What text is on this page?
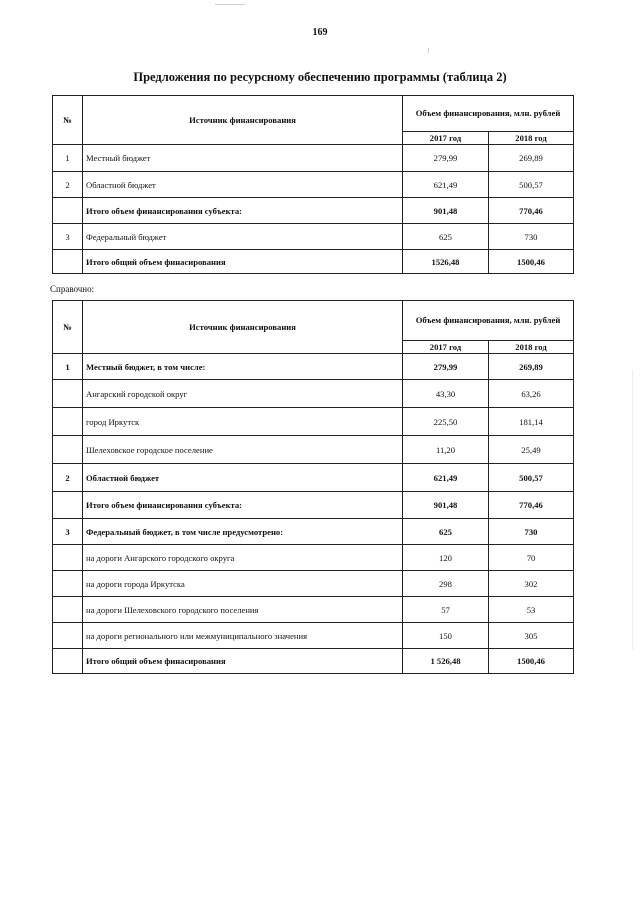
169
Предложения по ресурсному обеспечению программы (таблица 2)
№	Источник финансирования	Объем финансирования, млн. рублей	
		2017 год	2018 год
1	Местный бюджет	279,99	269,89
2	Областной бюджет	621,49	500,57
	Итого объем финансирования субъекта:	901,48	770,46
3	Федеральный бюджет	625	730
	Итого общий объем финасирования	1526,48	1500,46
Справочно:
№	Источник финансирования	Объем финансирования, млн. рублей	
		2017 год	2018 год
1	Местный бюджет, в том числе:	279,99	269,89
	Ангарский городской округ	43,30	63,26
	город Иркутск	225,50	181,14
	Шелеховское городское поселение	11,20	25,49
2	Областной бюджет	621,49	500,57
	Итого объем финансирования субъекта:	901,48	770,46
3	Федеральный бюджет, в том числе предусмотрено:	625	730
	на дороги Ангарского городского округа	120	70
	на дороги города Иркутска	298	302
	на дороги Шелеховского городского поселения	57	53
	на дороги регионального или межмуниципального значения	150	305
	Итого общий объем финасирования	1 526,48	1500,46
